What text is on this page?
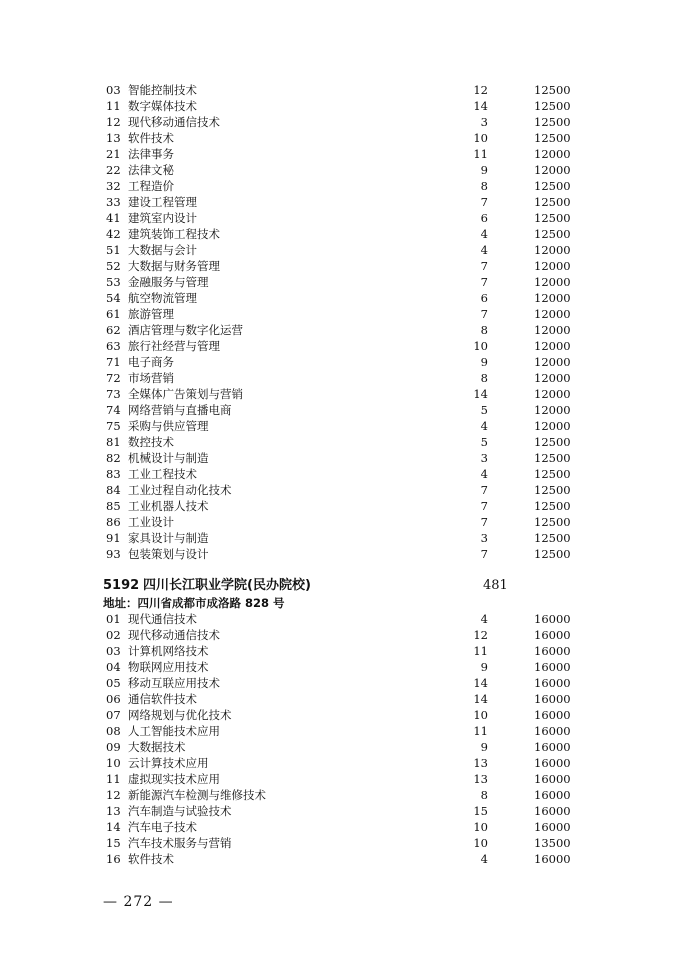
03 智能控制技术	12	12500
11 数字媒体技术	14	12500
12 现代移动通信技术	3	12500
13 软件技术	10	12500
21 法律事务	11	12000
22 法律文秘	9	12000
32 工程造价	8	12500
33 建设工程管理	7	12500
41 建筑室内设计	6	12500
42 建筑装饰工程技术	4	12500
51 大数据与会计	4	12000
52 大数据与财务管理	7	12000
53 金融服务与管理	7	12000
54 航空物流管理	6	12000
61 旅游管理	7	12000
62 酒店管理与数字化运营	8	12000
63 旅行社经营与管理	10	12000
71 电子商务	9	12000
72 市场营销	8	12000
73 全媒体广告策划与营销	14	12000
74 网络营销与直播电商	5	12000
75 采购与供应管理	4	12000
81 数控技术	5	12500
82 机械设计与制造	3	12500
83 工业工程技术	4	12500
84 工业过程自动化技术	7	12500
85 工业机器人技术	7	12500
86 工业设计	7	12500
91 家具设计与制造	3	12500
93 包装策划与设计	7	12500
5192 四川长江职业学院(民办院校)	481
地址：四川省成都市成洛路 828 号
01 现代通信技术	4	16000
02 现代移动通信技术	12	16000
03 计算机网络技术	11	16000
04 物联网应用技术	9	16000
05 移动互联应用技术	14	16000
06 通信软件技术	14	16000
07 网络规划与优化技术	10	16000
08 人工智能技术应用	11	16000
09 大数据技术	9	16000
10 云计算技术应用	13	16000
11 虚拟现实技术应用	13	16000
12 新能源汽车检测与维修技术	8	16000
13 汽车制造与试验技术	15	16000
14 汽车电子技术	10	16000
15 汽车技术服务与营销	10	13500
16 软件技术	4	16000
— 272 —
